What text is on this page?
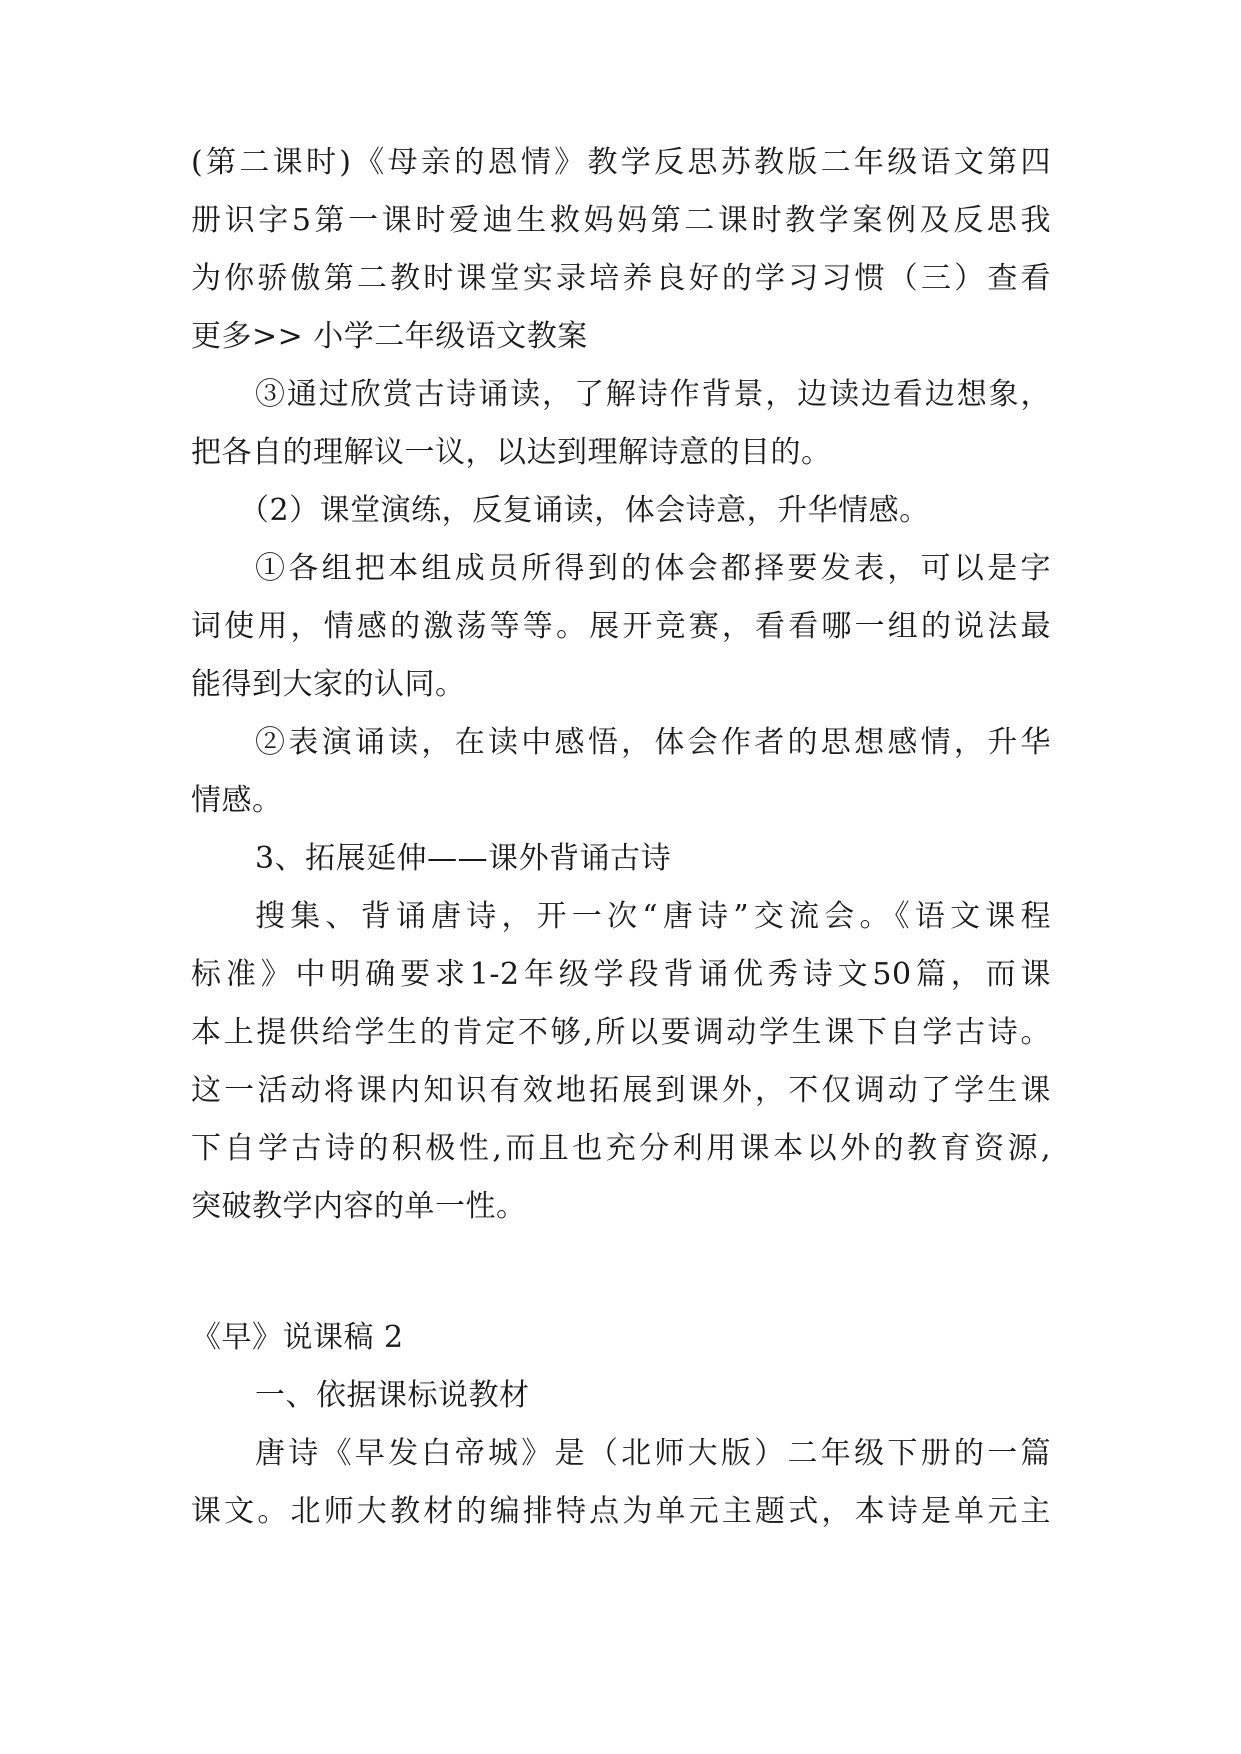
(第二课时)《母亲的恩情》教学反思苏教版二年级语文第四
册识字5第一课时爱迪生救妈妈第二课时教学案例及反思我
为你骄傲第二教时课堂实录培养良好的学习习惯（三）查看
更多>> 小学二年级语文教案
③通过欣赏古诗诵读，了解诗作背景，边读边看边想象，
把各自的理解议一议，以达到理解诗意的目的。
（2）课堂演练，反复诵读，体会诗意，升华情感。
①各组把本组成员所得到的体会都择要发表，可以是字
词使用，情感的激荡等等。展开竞赛，看看哪一组的说法最
能得到大家的认同。
②表演诵读，在读中感悟，体会作者的思想感情，升华
情感。
3、拓展延伸——课外背诵古诗
搜集、背诵唐诗，开一次“唐诗”交流会。《语文课程
标准》中明确要求1-2年级学段背诵优秀诗文50篇，而课
本上提供给学生的肯定不够,所以要调动学生课下自学古诗。
这一活动将课内知识有效地拓展到课外，不仅调动了学生课
下自学古诗的积极性,而且也充分利用课本以外的教育资源,
突破教学内容的单一性。
《早》说课稿 2
一、依据课标说教材
唐诗《早发白帝城》是（北师大版）二年级下册的一篇
课文。北师大教材的编排特点为单元主题式，本诗是单元主
